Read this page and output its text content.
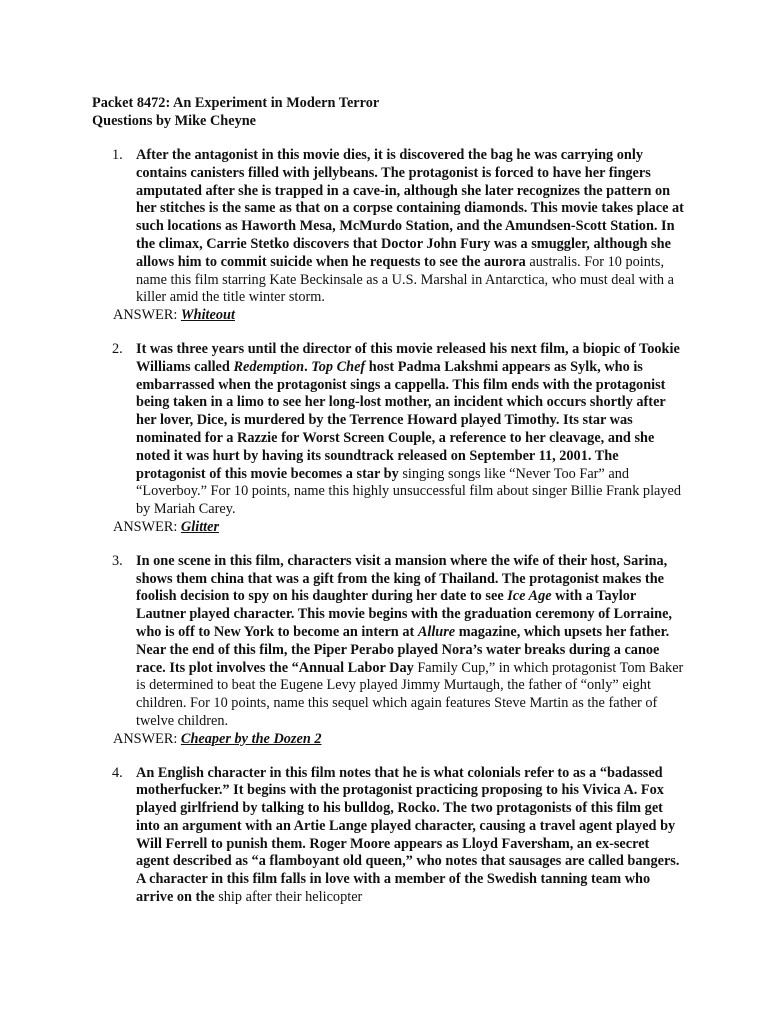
Packet 8472: An Experiment in Modern Terror
Questions by Mike Cheyne
1. After the antagonist in this movie dies, it is discovered the bag he was carrying only contains canisters filled with jellybeans. The protagonist is forced to have her fingers amputated after she is trapped in a cave-in, although she later recognizes the pattern on her stitches is the same as that on a corpse containing diamonds. This movie takes place at such locations as Haworth Mesa, McMurdo Station, and the Amundsen-Scott Station. In the climax, Carrie Stetko discovers that Doctor John Fury was a smuggler, although she allows him to commit suicide when he requests to see the aurora australis. For 10 points, name this film starring Kate Beckinsale as a U.S. Marshal in Antarctica, who must deal with a killer amid the title winter storm.
ANSWER: Whiteout
2. It was three years until the director of this movie released his next film, a biopic of Tookie Williams called Redemption. Top Chef host Padma Lakshmi appears as Sylk, who is embarrassed when the protagonist sings a cappella. This film ends with the protagonist being taken in a limo to see her long-lost mother, an incident which occurs shortly after her lover, Dice, is murdered by the Terrence Howard played Timothy. Its star was nominated for a Razzie for Worst Screen Couple, a reference to her cleavage, and she noted it was hurt by having its soundtrack released on September 11, 2001. The protagonist of this movie becomes a star by singing songs like “Never Too Far” and “Loverboy.” For 10 points, name this highly unsuccessful film about singer Billie Frank played by Mariah Carey.
ANSWER: Glitter
3. In one scene in this film, characters visit a mansion where the wife of their host, Sarina, shows them china that was a gift from the king of Thailand. The protagonist makes the foolish decision to spy on his daughter during her date to see Ice Age with a Taylor Lautner played character. This movie begins with the graduation ceremony of Lorraine, who is off to New York to become an intern at Allure magazine, which upsets her father. Near the end of this film, the Piper Perabo played Nora’s water breaks during a canoe race. Its plot involves the “Annual Labor Day Family Cup,” in which protagonist Tom Baker is determined to beat the Eugene Levy played Jimmy Murtaugh, the father of “only” eight children. For 10 points, name this sequel which again features Steve Martin as the father of twelve children.
ANSWER: Cheaper by the Dozen 2
4. An English character in this film notes that he is what colonials refer to as a “badassed motherfucker.” It begins with the protagonist practicing proposing to his Vivica A. Fox played girlfriend by talking to his bulldog, Rocko. The two protagonists of this film get into an argument with an Artie Lange played character, causing a travel agent played by Will Ferrell to punish them. Roger Moore appears as Lloyd Faversham, an ex-secret agent described as “a flamboyant old queen,” who notes that sausages are called bangers. A character in this film falls in love with a member of the Swedish tanning team who arrive on the ship after their helicopter
